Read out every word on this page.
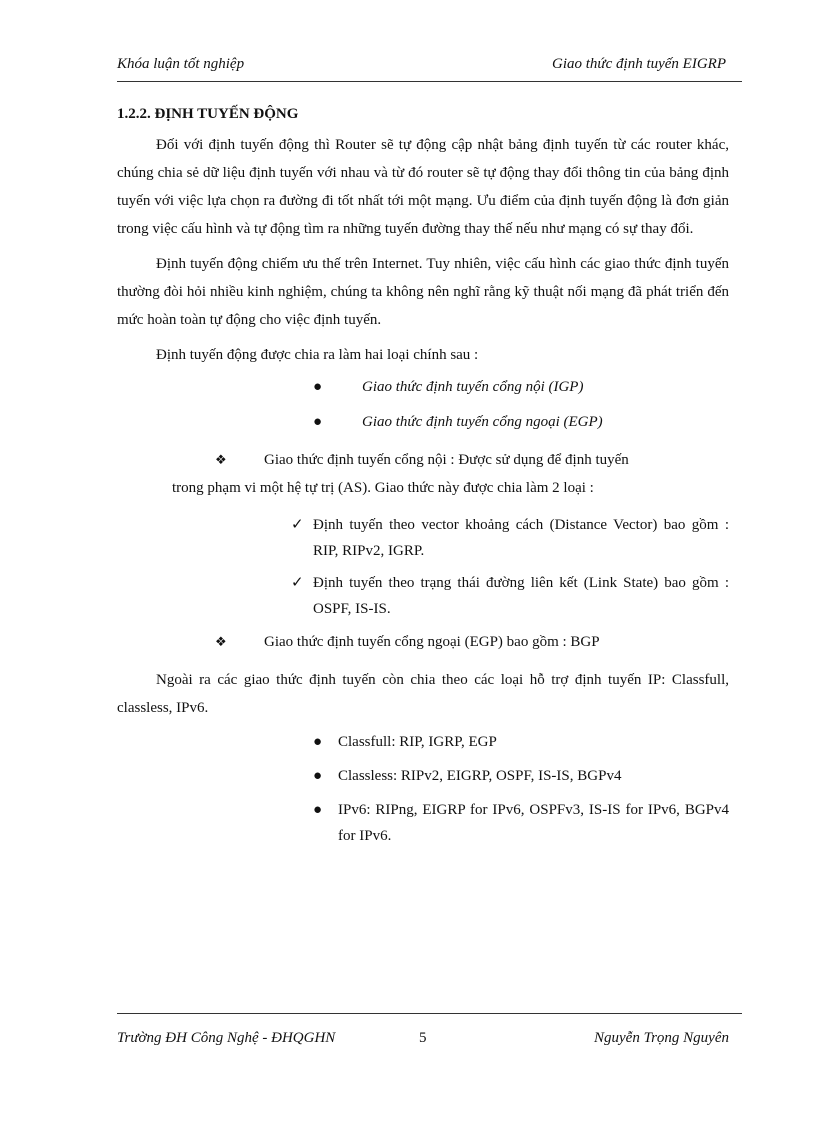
Khóa luận tốt nghiệp	Giao thức định tuyến EIGRP
1.2.2. ĐỊNH TUYẾN ĐỘNG

Đối với định tuyến động thì Router sẽ tự động cập nhật bảng định tuyến từ các router khác, chúng chia sẻ dữ liệu định tuyến với nhau và từ đó router sẽ tự động thay đổi thông tin của bảng định tuyến với việc lựa chọn ra đường đi tốt nhất tới một mạng. Ưu điểm của định tuyến động là đơn giản trong việc cấu hình và tự động tìm ra những tuyến đường thay thế nếu như mạng có sự thay đổi.

Định tuyến động chiếm ưu thế trên Internet. Tuy nhiên, việc cấu hình các giao thức định tuyến thường đòi hỏi nhiều kinh nghiệm, chúng ta không nên nghĩ rằng kỹ thuật nối mạng đã phát triển đến mức hoàn toàn tự động cho việc định tuyến.

Định tuyến động được chia ra làm hai loại chính sau :

●	Giao thức định tuyến cổng nội (IGP)
●	Giao thức định tuyến cổng ngoại (EGP)
❖	Giao thức định tuyến cổng nội : Được sử dụng để định tuyến

trong phạm vi một hệ tự trị (AS). Giao thức này được chia làm 2 loại :

✓ Định tuyến theo vector khoảng cách (Distance Vector) bao gồm : RIP, RIPv2, IGRP.

✓ Định tuyến theo trạng thái đường liên kết (Link State) bao gồm : OSPF, IS-IS.

❖	Giao thức định tuyến cổng ngoại (EGP) bao gồm : BGP

Ngoài ra các giao thức định tuyến còn chia theo các loại hỗ trợ định tuyến IP: Classfull, classless, IPv6.

● Classfull: RIP, IGRP, EGP
● Classless: RIPv2, EIGRP, OSPF, IS-IS, BGPv4
● IPv6: RIPng, EIGRP for IPv6, OSPFv3, IS-IS for IPv6, BGPv4 for IPv6.
Trường ĐH Công Nghệ - ĐHQGHN	5	Nguyễn Trọng Nguyên
